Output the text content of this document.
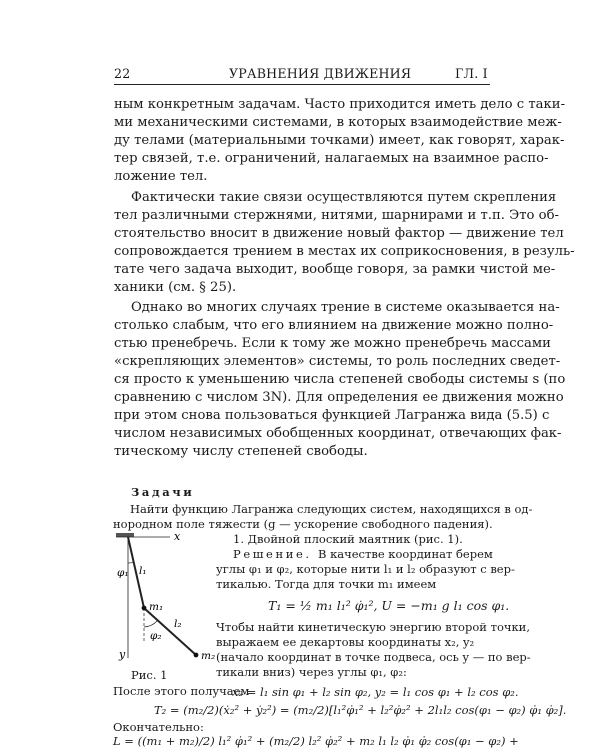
22	УРАВНЕНИЯ ДВИЖЕНИЯ	ГЛ. I
ным конкретным задачам. Часто приходится иметь дело с таки-
ми механическими системами, в которых взаимодействие меж-
ду телами (материальными точками) имеет, как говорят, харак-
тер связей, т.е. ограничений, налагаемых на взаимное распо-
ложение тел.
Фактически такие связи осуществляются путем скрепления
тел различными стержнями, нитями, шарнирами и т.п. Это об-
стоятельство вносит в движение новый фактор — движение тел
сопровождается трением в местах их соприкосновения, в резуль-
тате чего задача выходит, вообще говоря, за рамки чистой ме-
ханики (см. § 25).
Однако во многих случаях трение в системе оказывается на-
столько слабым, что его влиянием на движение можно полно-
стью пренебречь. Если к тому же можно пренебречь массами
«скрепляющих элементов» системы, то роль последних сведет-
ся просто к уменьшению числа степеней свободы системы s (по
сравнению с числом 3N). Для определения ее движения можно
при этом снова пользоваться функцией Лагранжа вида (5.5) с
числом независимых обобщенных координат, отвечающих фак-
тическому числу степеней свободы.
Задачи
Найти функцию Лагранжа следующих систем, находящихся в од-
нородном поле тяжести (g — ускорение свободного падения).
1. Двойной плоский маятник (рис. 1).
Решение. В качестве координат берем
углы φ₁ и φ₂, которые нити l₁ и l₂ образуют с вер-
тикалью. Тогда для точки m₁ имеем
T₁ = ½ m₁ l₁² φ̇₁², U = −m₁ g l₁ cos φ₁.
Чтобы найти кинетическую энергию второй точки,
выражаем ее декартовы координаты x₂, y₂
(начало координат в точке подвеса, ось y — по вер-
тикали вниз) через углы φ₁, φ₂:
x₂ = l₁ sin φ₁ + l₂ sin φ₂, y₂ = l₁ cos φ₁ + l₂ cos φ₂.
x
y
l₁
φ₁
m₁
l₂
φ₂
m₂
Рис. 1
После этого получаем
T₂ = (m₂/2)(ẋ₂² + ẏ₂²) = (m₂/2)[l₁²φ̇₁² + l₂²φ̇₂² + 2l₁l₂ cos(φ₁ − φ₂) φ̇₁ φ̇₂].
Окончательно:
L = ((m₁ + m₂)/2) l₁² φ̇₁² + (m₂/2) l₂² φ̇₂² + m₂ l₁ l₂ φ̇₁ φ̇₂ cos(φ₁ − φ₂) +
